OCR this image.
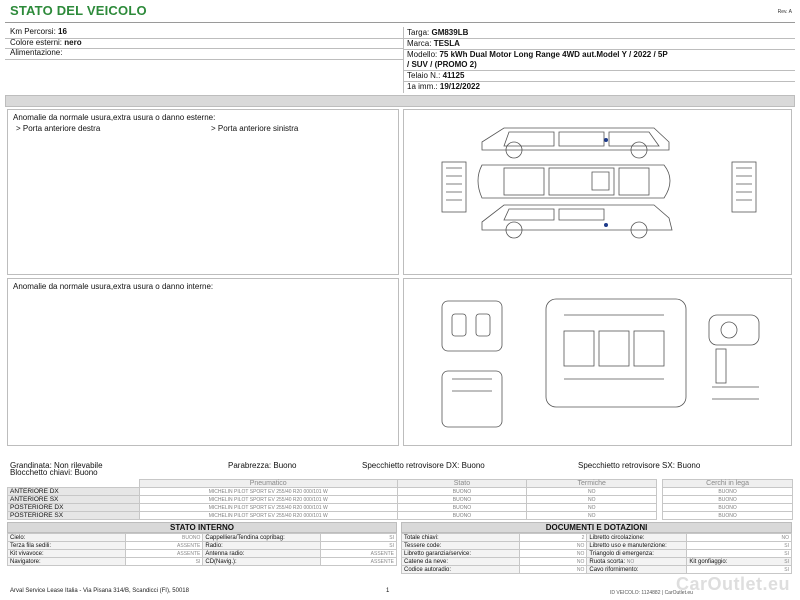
STATO DEL VEICOLO	Rev. A
Km Percorsi: 16
Colore esterni: nero
Alimentazione:
Targa: GM839LB
Marca: TESLA
Modello: 75 kWh Dual Motor Long Range 4WD aut.Model Y / 2022 / 5P
/ SUV / (PROMO 2)
Telaio N.: 41125
1a imm.: 19/12/2022
Anomalie da normale usura,extra usura o danno esterne:
> Porta anteriore destra	> Porta anteriore sinistra
Anomalie da normale usura,extra usura o danno interne:
Grandinata: Non rilevabile
Blocchetto chiavi: Buono
Parabrezza: Buono	Specchietto retrovisore DX: Buono	Specchietto retrovisore SX: Buono
	Pneumatico	Stato	Termiche		Cerchi in lega
ANTERIORE DX	MICHELIN PILOT SPORT EV 255/40 R20 000/101 W	BUONO	NO		BUONO
ANTERIORE SX	MICHELIN PILOT SPORT EV 255/40 R20 000/101 W	BUONO	NO		BUONO
POSTERIORE DX	MICHELIN PILOT SPORT EV 255/40 R20 000/101 W	BUONO	NO		BUONO
POSTERIORE SX	MICHELIN PILOT SPORT EV 255/40 R20 000/101 W	BUONO	NO		BUONO
STATO INTERNO
Cielo:	BUONO	Cappelliera/Tendina copribag:	SI
Terza fila sedili:	ASSENTE	Radio:	SI
Kit vivavoce:	ASSENTE	Antenna radio:	ASSENTE
Navigatore:	SI	CD(Navig.):	ASSENTE
DOCUMENTI E DOTAZIONI
Totale chiavi:	2	Libretto circolazione:	NO
Tessere code:	NO	Libretto uso e manutenzione:	SI
Libretto garanzia/service:	NO	Triangolo di emergenza:	SI
Catene da neve:	NO	Ruota scorta: NO	Kit gonfiaggio: SI

Codice autoradio:	NO	Cavo rifornimento:	SI
Arval Service Lease Italia - Via Pisana 314/B, Scandicci (FI), 50018	1	CarOutlet.eu
ID VEICOLO: 1124882 | CarOutlet.eu
